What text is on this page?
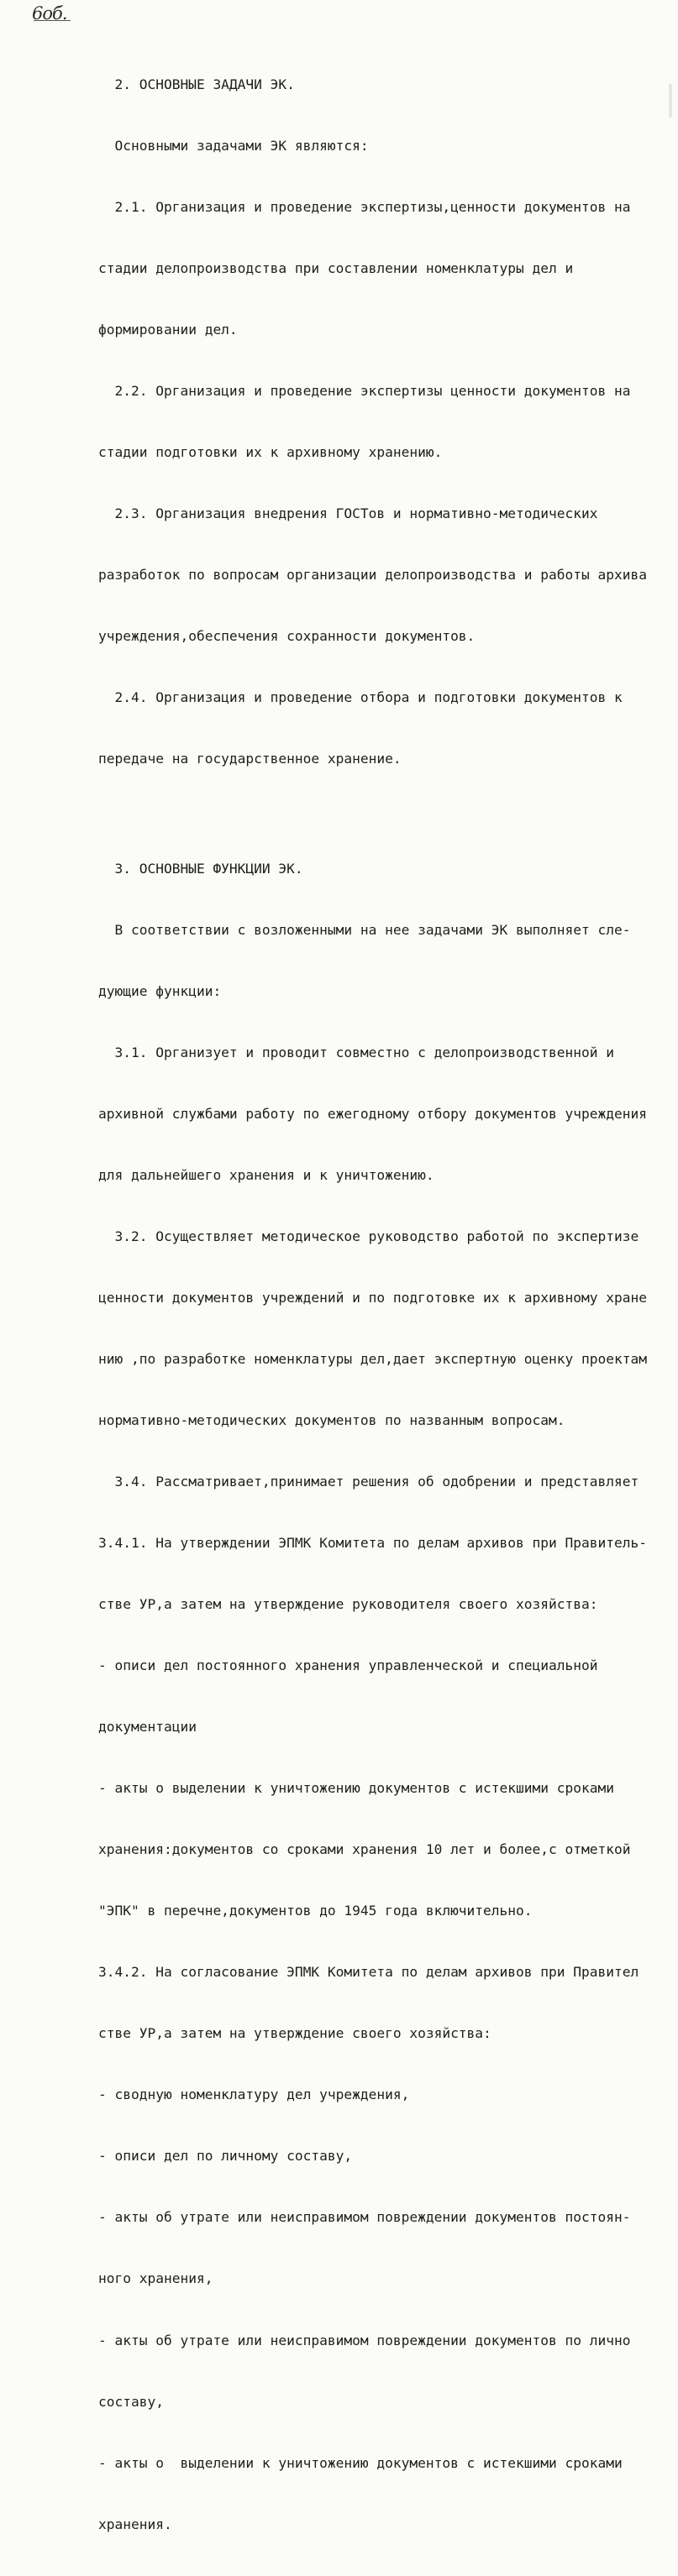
6об.

2. ОСНОВНЫЕ ЗАДАЧИ ЭК.

Основными задачами ЭК являются:

2.1. Организация и проведение экспертизы,ценности документов на

стадии делопроизводства при составлении номенклатуры дел и

формировании дел.

2.2. Организация и проведение экспертизы ценности документов на

стадии подготовки их к архивному хранению.

2.3. Организация внедрения ГОСТов и нормативно-методических

разработок по вопросам организации делопроизводства и работы архива

учреждения,обеспечения сохранности документов.

2.4. Организация и проведение отбора и подготовки документов к

передаче на государственное хранение.

3. ОСНОВНЫЕ ФУНКЦИИ ЭК.

В соответствии с возложенными на нее задачами ЭК выполняет сле-

дующие функции:

3.1. Организует и проводит совместно с делопроизводственной и

архивной службами работу по ежегодному отбору документов учреждения

для дальнейшего хранения и к уничтожению.

3.2. Осуществляет методическое руководство работой по экспертизе

ценности документов учреждений и по подготовке их к архивному хране

нию ,по разработке номенклатуры дел,дает экспертную оценку проектам

нормативно-методических документов по названным вопросам.

3.4. Рассматривает,принимает решения об одобрении и представляет

3.4.1. На утверждении ЭПМК Комитета по делам архивов при Правитель-

стве УР,а затем на утверждение руководителя своего хозяйства:

- описи дел постоянного хранения управленческой и специальной

документации

- акты о выделении к уничтожению документов с истекшими сроками

хранения:документов со сроками хранения 10 лет и более,с отметкой

"ЭПК" в перечне,документов до 1945 года включительно.

3.4.2. На согласование ЭПМК Комитета по делам архивов при Правител

стве УР,а затем на утверждение своего хозяйства:

- сводную номенклатуру дел учреждения,

- описи дел по личному составу,

- акты об утрате или неисправимом повреждении документов постоян-

ного хранения,

- акты об утрате или неисправимом повреждении документов по лично

составу,

- акты о  выделении к уничтожению документов с истекшими сроками

хранения.
